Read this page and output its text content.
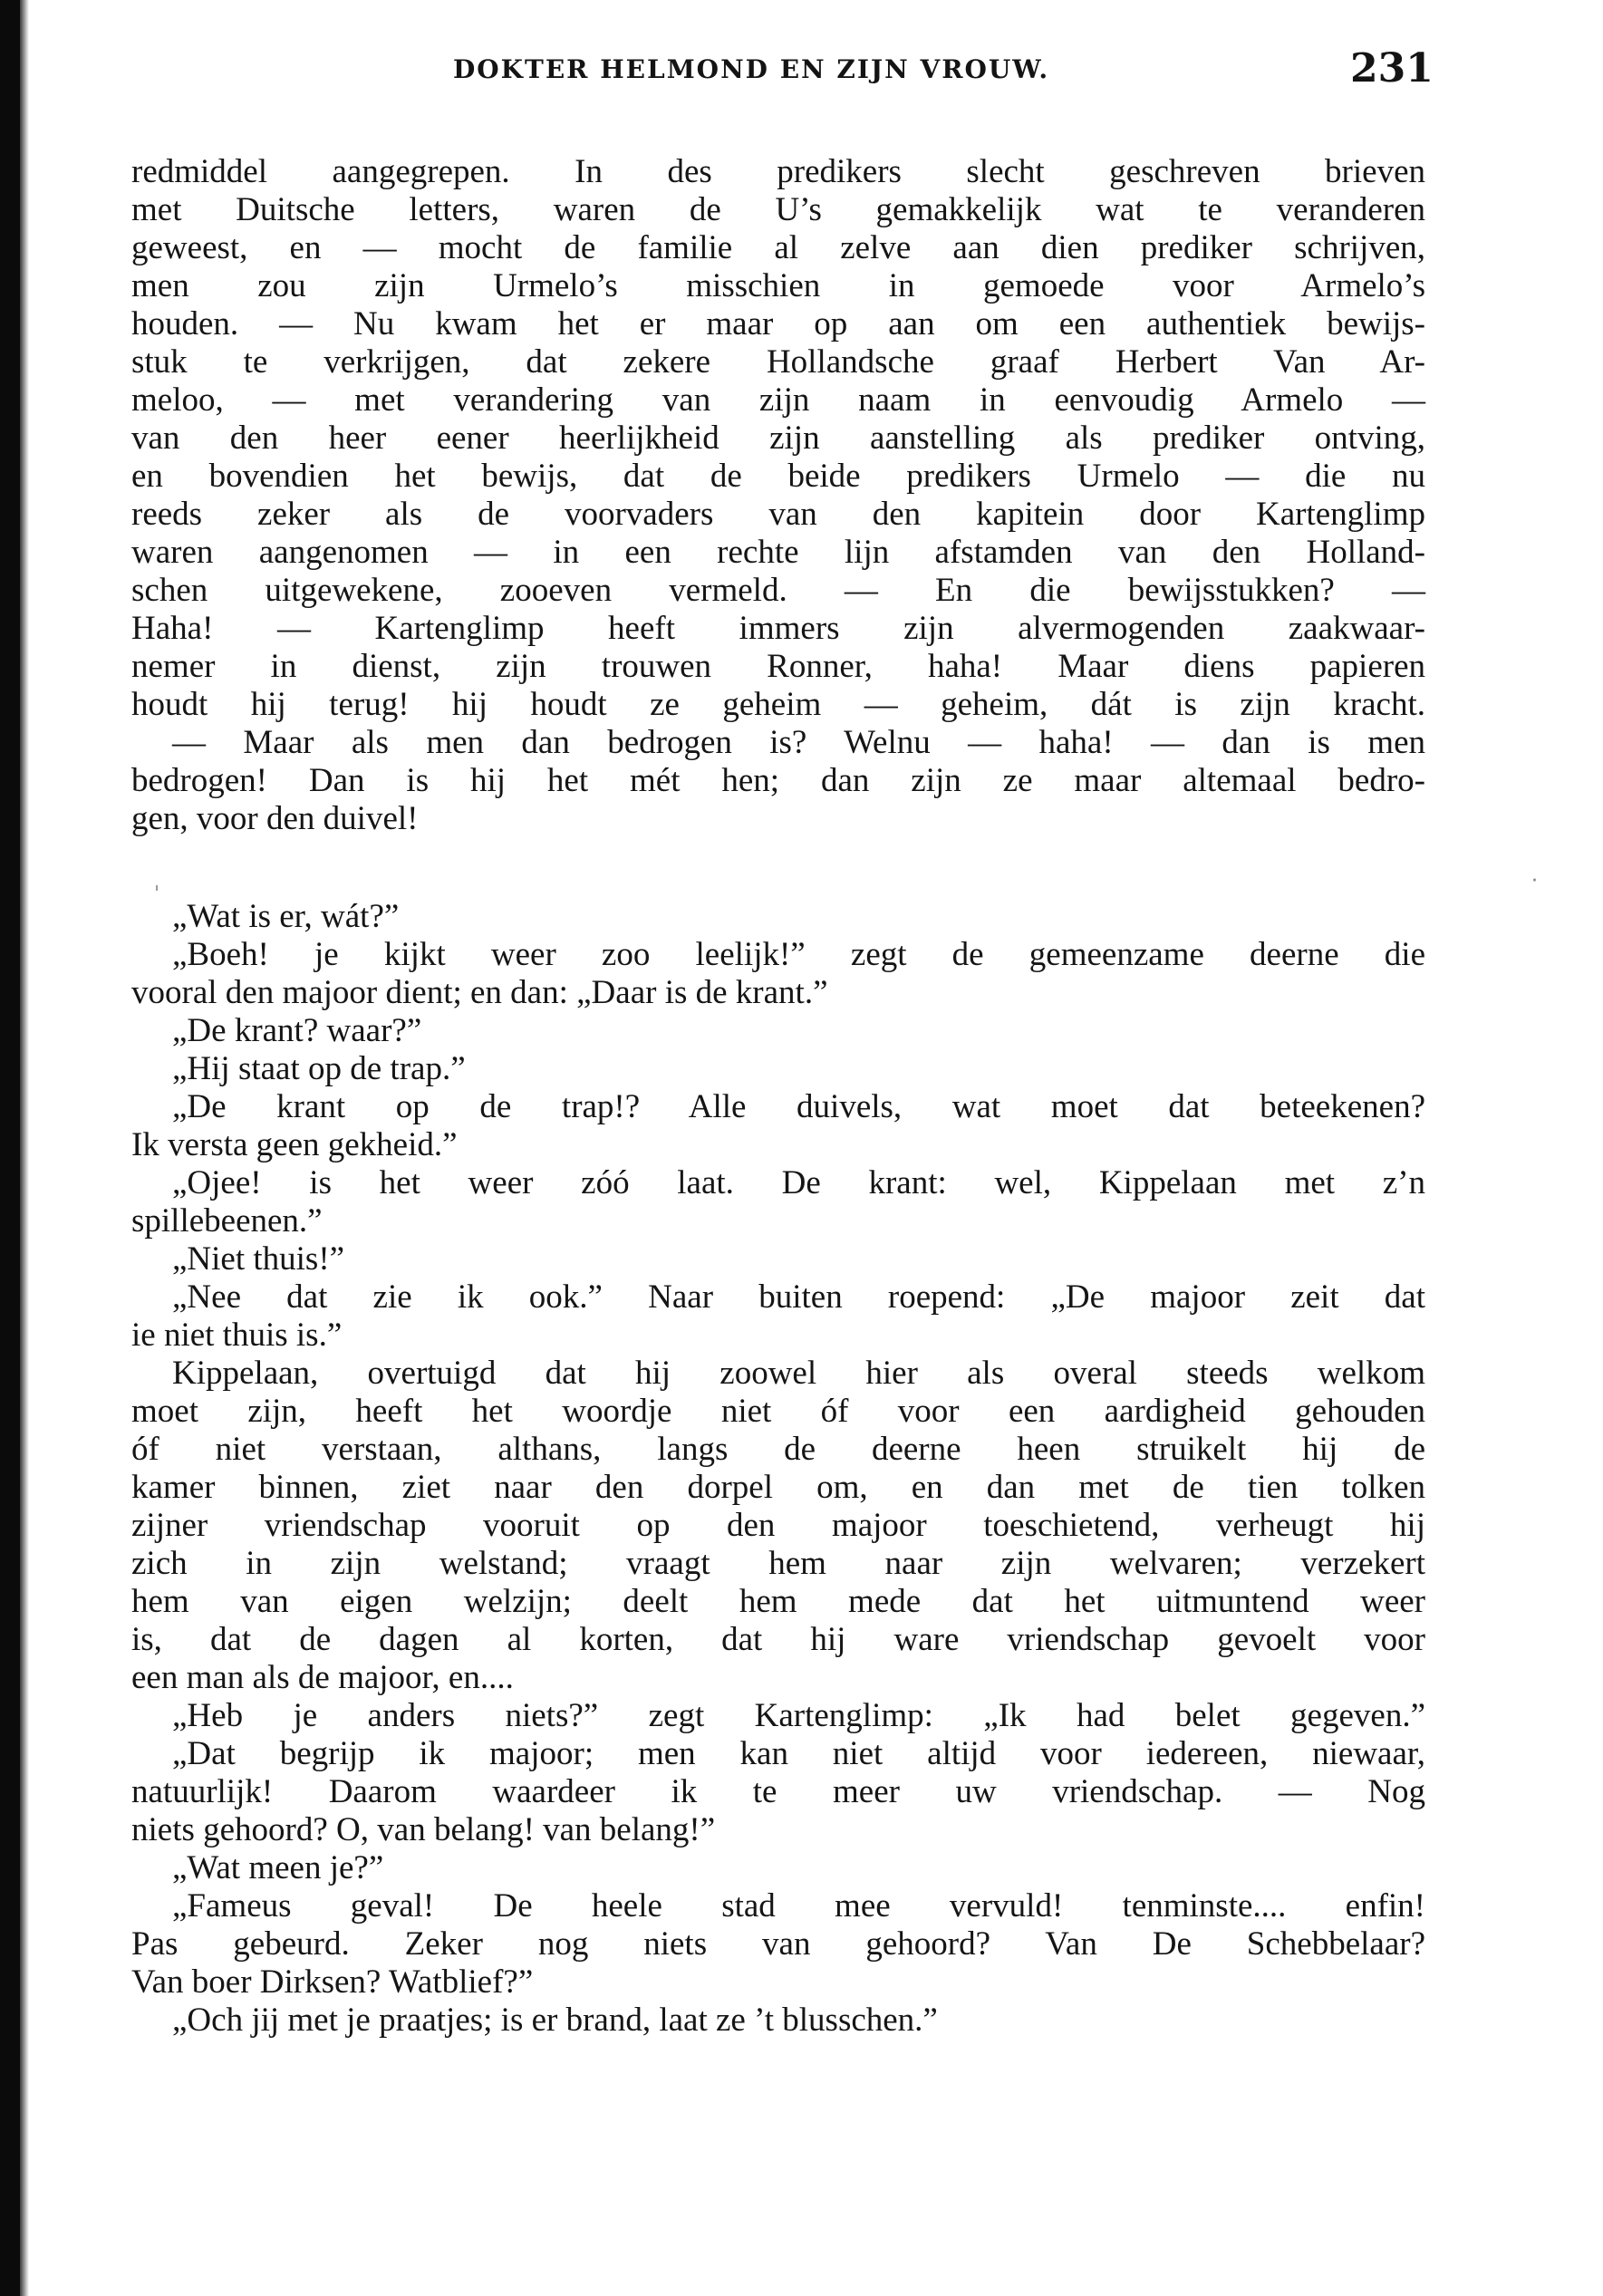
DOKTER HELMOND EN ZIJN VROUW.	231
redmiddel aangegrepen. In des predikers slecht geschreven brieven
met Duitsche letters, waren de U’s gemakkelijk wat te veranderen
geweest, en — mocht de familie al zelve aan dien prediker schrijven,
men zou zijn Urmelo’s misschien in gemoede voor Armelo’s
houden. — Nu kwam het er maar op aan om een authentiek bewijs-
stuk te verkrijgen, dat zekere Hollandsche graaf Herbert Van Ar-
meloo, — met verandering van zijn naam in eenvoudig Armelo —
van den heer eener heerlijkheid zijn aanstelling als prediker ontving,
en bovendien het bewijs, dat de beide predikers Urmelo — die nu
reeds zeker als de voorvaders van den kapitein door Kartenglimp
waren aangenomen — in een rechte lijn afstamden van den Holland-
schen uitgewekene, zooeven vermeld. — En die bewijsstukken? —
Haha! — Kartenglimp heeft immers zijn alvermogenden zaakwaar-
nemer in dienst, zijn trouwen Ronner, haha! Maar diens papieren
houdt hij terug! hij houdt ze geheim — geheim, dát is zijn kracht.
— Maar als men dan bedrogen is? Welnu — haha! — dan is men
bedrogen! Dan is hij het mét hen; dan zijn ze maar altemaal bedro-
gen, voor den duivel!
„Wat is er, wát?”
„Boeh! je kijkt weer zoo leelijk!” zegt de gemeenzame deerne die
vooral den majoor dient; en dan: „Daar is de krant.”
„De krant? waar?”
„Hij staat op de trap.”
„De krant op de trap!? Alle duivels, wat moet dat beteekenen?
Ik versta geen gekheid.”
„Ojee! is het weer zóó laat. De krant: wel, Kippelaan met z’n
spillebeenen.”
„Niet thuis!”
„Nee dat zie ik ook.” Naar buiten roepend: „De majoor zeit dat
ie niet thuis is.”
Kippelaan, overtuigd dat hij zoowel hier als overal steeds welkom
moet zijn, heeft het woordje niet óf voor een aardigheid gehouden
óf niet verstaan, althans, langs de deerne heen struikelt hij de
kamer binnen, ziet naar den dorpel om, en dan met de tien tolken
zijner vriendschap vooruit op den majoor toeschietend, verheugt hij
zich in zijn welstand; vraagt hem naar zijn welvaren; verzekert
hem van eigen welzijn; deelt hem mede dat het uitmuntend weer
is, dat de dagen al korten, dat hij ware vriendschap gevoelt voor
een man als de majoor, en....
„Heb je anders niets?” zegt Kartenglimp: „Ik had belet gegeven.”
„Dat begrijp ik majoor; men kan niet altijd voor iedereen, niewaar,
natuurlijk! Daarom waardeer ik te meer uw vriendschap. — Nog
niets gehoord? O, van belang! van belang!”
„Wat meen je?”
„Fameus geval! De heele stad mee vervuld! tenminste.... enfin!
Pas gebeurd. Zeker nog niets van gehoord? Van De Schebbelaar?
Van boer Dirksen? Watblief?”
„Och jij met je praatjes; is er brand, laat ze ’t blusschen.”
·
ˈ
